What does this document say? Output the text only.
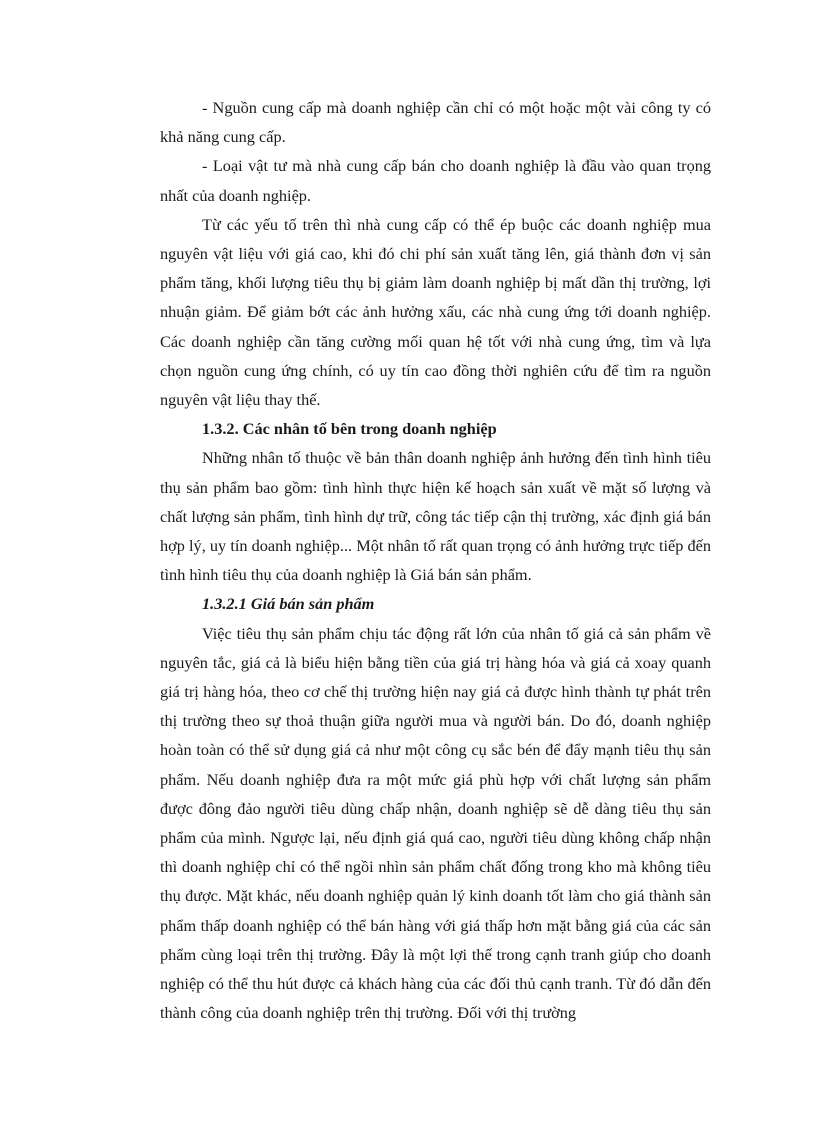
- Nguồn cung cấp mà doanh nghiệp cần chỉ có một hoặc một vài công ty có khả năng cung cấp.

- Loại vật tư mà nhà cung cấp bán cho doanh nghiệp là đầu vào quan trọng nhất của doanh nghiệp.

Từ các yếu tố trên thì nhà cung cấp có thể ép buộc các doanh nghiệp mua nguyên vật liệu với giá cao, khi đó chi phí sản xuất tăng lên, giá thành đơn vị sản phẩm tăng, khối lượng tiêu thụ bị giảm làm doanh nghiệp bị mất dần thị trường, lợi nhuận giảm. Để giảm bớt các ảnh hưởng xấu, các nhà cung ứng tới doanh nghiệp. Các doanh nghiệp cần tăng cường mối quan hệ tốt với nhà cung ứng, tìm và lựa chọn nguồn cung ứng chính, có uy tín cao đồng thời nghiên cứu để tìm ra nguồn nguyên vật liệu thay thế.

1.3.2. Các nhân tố bên trong doanh nghiệp

Những nhân tố thuộc về bản thân doanh nghiệp ảnh hưởng đến tình hình tiêu thụ sản phẩm bao gồm: tình hình thực hiện kế hoạch sản xuất về mặt số lượng và chất lượng sản phẩm, tình hình dự trữ, công tác tiếp cận thị trường, xác định giá bán hợp lý, uy tín doanh nghiệp... Một nhân tố rất quan trọng có ảnh hưởng trực tiếp đến tình hình tiêu thụ của doanh nghiệp là Giá bán sản phẩm.

1.3.2.1 Giá bán sản phẩm

Việc tiêu thụ sản phẩm chịu tác động rất lớn của nhân tố giá cả sản phẩm về nguyên tắc, giá cả là biểu hiện bằng tiền của giá trị hàng hóa và giá cả xoay quanh giá trị hàng hóa, theo cơ chế thị trường hiện nay giá cả được hình thành tự phát trên thị trường theo sự thoả thuận giữa người mua và người bán. Do đó, doanh nghiệp hoàn toàn có thể sử dụng giá cả như một công cụ sắc bén để đẩy mạnh tiêu thụ sản phẩm. Nếu doanh nghiệp đưa ra một mức giá phù hợp với chất lượng sản phẩm được đông đảo người tiêu dùng chấp nhận, doanh nghiệp sẽ dễ dàng tiêu thụ sản phẩm của mình. Ngược lại, nếu định giá quá cao, người tiêu dùng không chấp nhận thì doanh nghiệp chỉ có thể ngồi nhìn sản phẩm chất đống trong kho mà không tiêu thụ được. Mặt khác, nếu doanh nghiệp quản lý kinh doanh tốt làm cho giá thành sản phẩm thấp doanh nghiệp có thể bán hàng với giá thấp hơn mặt bằng giá của các sản phẩm cùng loại trên thị trường. Đây là một lợi thế trong cạnh tranh giúp cho doanh nghiệp có thể thu hút được cả khách hàng của các đối thủ cạnh tranh. Từ đó dẫn đến thành công của doanh nghiệp trên thị trường. Đối với thị trường
